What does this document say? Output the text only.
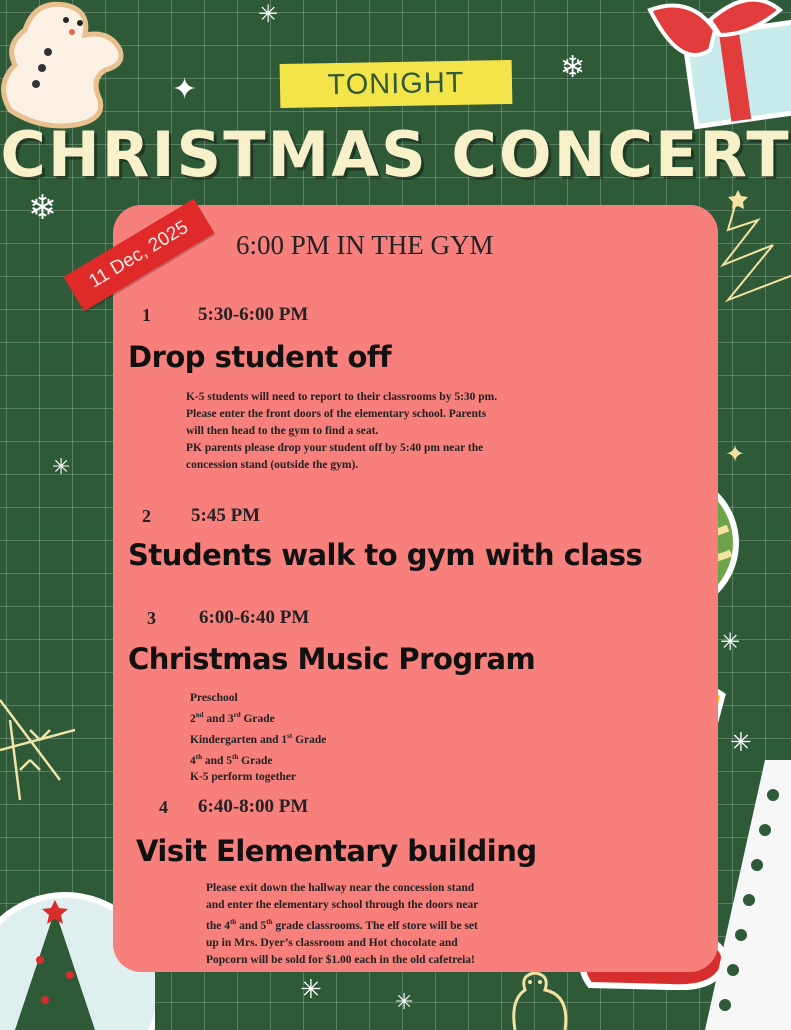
❄
❄
✦
✳
✳
✳
✦
✳
✳	✳
TONIGHT
CHRISTMAS CONCERT
11 Dec, 2025	6:00 PM IN THE GYM
1 5:30-6:00 PM
Drop student off

K-5 students will need to report to their classrooms by 5:30 pm.

Please enter the front doors of the elementary school. Parents

will then head to the gym to find a seat.

PK parents please drop your student off by 5:40 pm near the

concession stand (outside the gym).

2 5:45 PM
Students walk to gym with class
3 6:00-6:40 PM
Christmas Music Program

Preschool

2nd and 3rd Grade

Kindergarten and 1st Grade

4th and 5th Grade

K-5 perform together

4 6:40-8:00 PM
Visit Elementary building

Please exit down the hallway near the concession stand

and enter the elementary school through the doors near

the 4th and 5th grade classrooms. The elf store will be set

up in Mrs. Dyer’s classroom and Hot chocolate and

Popcorn will be sold for $1.00 each in the old cafetreia!
